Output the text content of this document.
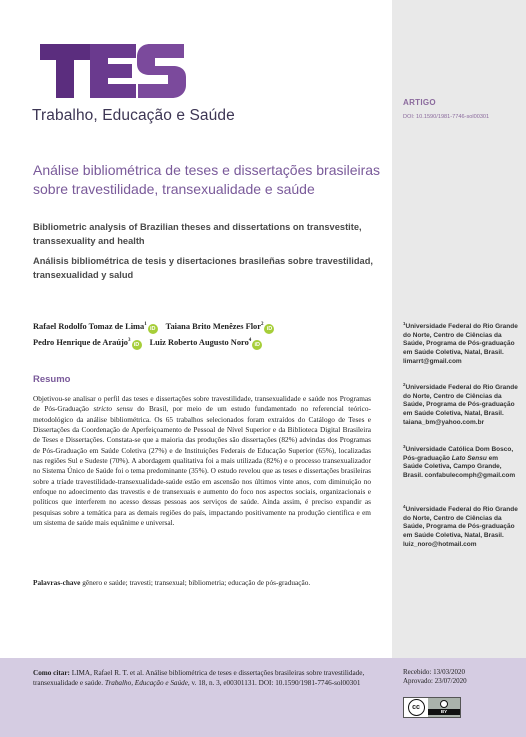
Trabalho, Educação e Saúde
ARTIGO
DOI: 10.1590/1981-7746-sol00301
Análise bibliométrica de teses e dissertações brasileiras sobre travestilidade, transexualidade e saúde
Bibliometric analysis of Brazilian theses and dissertations on transvestite, transsexuality and health
Análisis bibliométrica de tesis y disertaciones brasileñas sobre travestilidad, transexualidad y salud
Rafael Rodolfo Tomaz de Lima$^1$iD Taiana Brito Menêzes Flor$^2$iD
Pedro Henrique de Araújo$^3$iD Luiz Roberto Augusto Noro$^4$iD
Resumo

Objetivou-se analisar o perfil das teses e dissertações sobre travestilidade, transexualidade e saúde nos Programas de Pós-Graduação stricto sensu do Brasil, por meio de um estudo fundamentado no referencial teórico-metodológico da análise bibliométrica. Os 65 trabalhos selecionados foram extraídos do Catálogo de Teses e Dissertações da Coordenação de Aperfeiçoamento de Pessoal de Nível Superior e da Biblioteca Digital Brasileira de Teses e Dissertações. Constata-se que a maioria das produções são dissertações (82%) advindas dos Programas de Pós-Graduação em Saúde Coletiva (27%) e de Instituições Federais de Educação Superior (65%), localizadas nas regiões Sul e Sudeste (70%). A abordagem qualitativa foi a mais utilizada (82%) e o processo transexualizador no Sistema Único de Saúde foi o tema predominante (35%). O estudo revelou que as teses e dissertações brasileiras sobre a tríade travestilidade-transexualidade-saúde estão em ascensão nos últimos vinte anos, com diminuição no enfoque no adoecimento das travestis e de transexuais e aumento do foco nos aspectos sociais, organizacionais e políticos que interferem no acesso dessas pessoas aos serviços de saúde. Ainda assim, é preciso expandir as pesquisas sobre a temática para as demais regiões do país, impactando positivamente na produção científica e em um sistema de saúde mais equânime e universal.

Palavras-chave gênero e saúde; travesti; transexual; bibliometria; educação de pós-graduação.

$^1$Universidade Federal do Rio Grande do Norte, Centro de Ciências da Saúde, Programa de Pós-graduação em Saúde Coletiva, Natal, Brasil. limarrt@gmail.com
$^2$Universidade Federal do Rio Grande do Norte, Centro de Ciências da Saúde, Programa de Pós-graduação em Saúde Coletiva, Natal, Brasil. taiana_bm@yahoo.com.br
$^3$Universidade Católica Dom Bosco, Pós-graduação Lato Sensu em Saúde Coletiva, Campo Grande, Brasil. confabulecomph@gmail.com
$^4$Universidade Federal do Rio Grande do Norte, Centro de Ciências da Saúde, Programa de Pós-graduação em Saúde Coletiva, Natal, Brasil. luiz_noro@hotmail.com

Como citar: LIMA, Rafael R. T. et al. Análise bibliométrica de teses e dissertações brasileiras sobre travestilidade, transexualidade e saúde. Trabalho, Educação e Saúde, v. 18, n. 3, e00301131. DOI: 10.1590/1981-7746-sol00301

Recebido: 13/03/2020
Aprovado: 23/07/2020
cc
BY
